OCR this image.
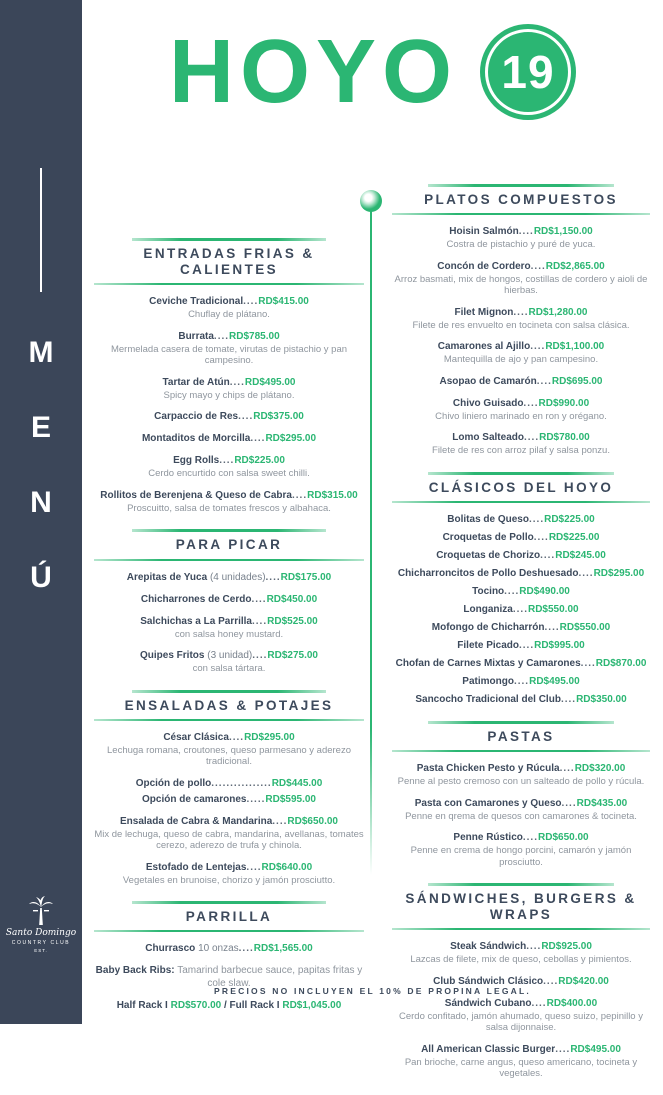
M
E
N
Ú
Santo Domingo
COUNTRY CLUB
EST.
HOYO 19
ENTRADAS FRIAS & CALIENTES

Ceviche Tradicional....RD$415.00

Chuflay de plátano.

Burrata....RD$785.00

Mermelada casera de tomate, virutas de pistachio y pan campesino.

Tartar de Atún....RD$495.00

Spicy mayo y chips de plátano.

Carpaccio de Res....RD$375.00

Montaditos de Morcilla....RD$295.00

Egg Rolls....RD$225.00

Cerdo encurtido con salsa sweet chilli.

Rollitos de Berenjena & Queso de Cabra....RD$315.00

Proscuitto, salsa de tomates frescos y albahaca.

PARA PICAR

Arepitas de Yuca (4 unidades)....RD$175.00

Chicharrones de Cerdo....RD$450.00

Salchichas a La Parrilla....RD$525.00

con salsa honey mustard.

Quipes Fritos (3 unidad)....RD$275.00

con salsa tártara.

ENSALADAS & POTAJES

César Clásica....RD$295.00

Lechuga romana, croutones, queso parmesano y aderezo tradicional.

Opción de pollo................RD$445.00

Opción de camarones.....RD$595.00

Ensalada de Cabra & Mandarina....RD$650.00

Mix de lechuga, queso de cabra, mandarina, avellanas, tomates cerezo, aderezo de trufa y chinola.

Estofado de Lentejas....RD$640.00

Vegetales en brunoise, chorizo y jamón prosciutto.

PARRILLA

Churrasco 10 onzas....RD$1,565.00

Baby Back Ribs: Tamarind barbecue sauce, papitas fritas y cole slaw.

Half Rack I RD$570.00 / Full Rack I RD$1,045.00

PLATOS COMPUESTOS

Hoisin Salmón....RD$1,150.00

Costra de pistachio y puré de yuca.

Concón de Cordero....RD$2,865.00

Arroz basmati, mix de hongos, costillas de cordero y aioli de hierbas.

Filet Mignon....RD$1,280.00

Filete de res envuelto en tocineta con salsa clásica.

Camarones al Ajillo....RD$1,100.00

Mantequilla de ajo y pan campesino.

Asopao de Camarón....RD$695.00

Chivo Guisado....RD$990.00

Chivo liniero marinado en ron y orégano.

Lomo Salteado....RD$780.00

Filete de res con arroz pilaf y salsa ponzu.

CLÁSICOS DEL HOYO

Bolitas de Queso....RD$225.00

Croquetas de Pollo....RD$225.00

Croquetas de Chorizo....RD$245.00

Chicharroncitos de Pollo Deshuesado....RD$295.00

Tocino....RD$490.00

Longaniza....RD$550.00

Mofongo de Chicharrón....RD$550.00

Filete Picado....RD$995.00

Chofan de Carnes Mixtas y Camarones....RD$870.00

Patimongo....RD$495.00

Sancocho Tradicional del Club....RD$350.00

PASTAS

Pasta Chicken Pesto y Rúcula....RD$320.00

Penne al pesto cremoso con un salteado de pollo y rúcula.

Pasta con Camarones y Queso....RD$435.00

Penne en qrema de quesos con camarones & tocineta.

Penne Rústico....RD$650.00

Penne en crema de hongo porcini, camarón y jamón prosciutto.

SÁNDWICHES, BURGERS & WRAPS

Steak Sándwich....RD$925.00

Lazcas de filete, mix de queso, cebollas y pimientos.

Club Sándwich Clásico....RD$420.00

Sándwich Cubano....RD$400.00

Cerdo confitado, jamón ahumado, queso suizo, pepinillo y salsa dijonnaise.

All American Classic Burger....RD$495.00

Pan brioche, carne angus, queso americano, tocineta y vegetales.

PRECIOS NO INCLUYEN EL 10% DE PROPINA LEGAL.
